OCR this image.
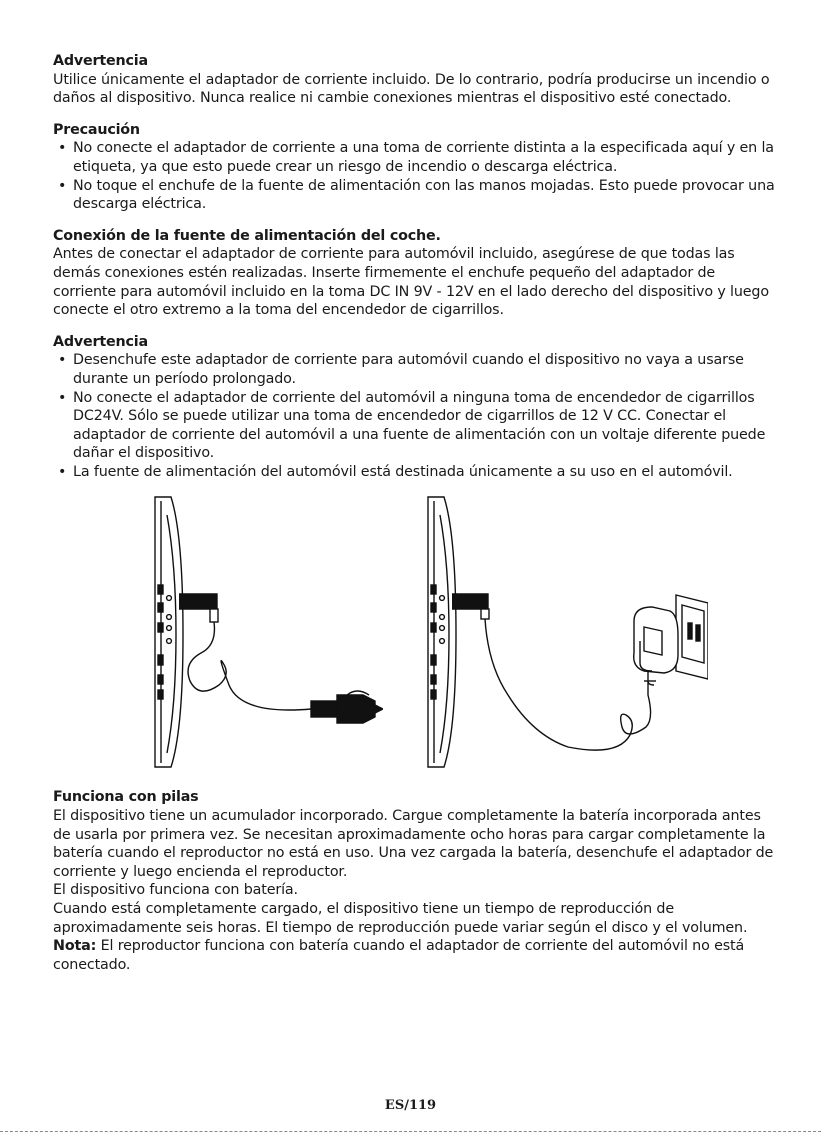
Advertencia
Utilice únicamente el adaptador de corriente incluido. De lo contrario, podría producirse un incendio o daños al dispositivo. Nunca realice ni cambie conexiones mientras el dispositivo esté conectado.
Precaución
• No conecte el adaptador de corriente a una toma de corriente distinta a la especificada aquí y en la etiqueta, ya que esto puede crear un riesgo de incendio o descarga eléctrica.
• No toque el enchufe de la fuente de alimentación con las manos mojadas. Esto puede provocar una descarga eléctrica.
Conexión de la fuente de alimentación del coche.
Antes de conectar el adaptador de corriente para automóvil incluido, asegúrese de que todas las demás conexiones estén realizadas. Inserte firmemente el enchufe pequeño del adaptador de corriente para automóvil incluido en la toma DC IN 9V - 12V en el lado derecho del dispositivo y luego conecte el otro extremo a la toma del encendedor de cigarrillos.
Advertencia
• Desenchufe este adaptador de corriente para automóvil cuando el dispositivo no vaya a usarse durante un período prolongado.
• No conecte el adaptador de corriente del automóvil a ninguna toma de encendedor de cigarrillos DC24V. Sólo se puede utilizar una toma de encendedor de cigarrillos de 12 V CC. Conectar el adaptador de corriente del automóvil a una fuente de alimentación con un voltaje diferente puede dañar el dispositivo.
• La fuente de alimentación del automóvil está destinada únicamente a su uso en el automóvil.
Funciona con pilas
El dispositivo tiene un acumulador incorporado. Cargue completamente la batería incorporada antes de usarla por primera vez. Se necesitan aproximadamente ocho horas para cargar completamente la batería cuando el reproductor no está en uso. Una vez cargada la batería, desenchufe el adaptador de corriente y luego encienda el reproductor.
El dispositivo funciona con batería.
Cuando está completamente cargado, el dispositivo tiene un tiempo de reproducción de aproximadamente seis horas. El tiempo de reproducción puede variar según el disco y el volumen.
Nota: El reproductor funciona con batería cuando el adaptador de corriente del automóvil no está conectado.
ES/119
